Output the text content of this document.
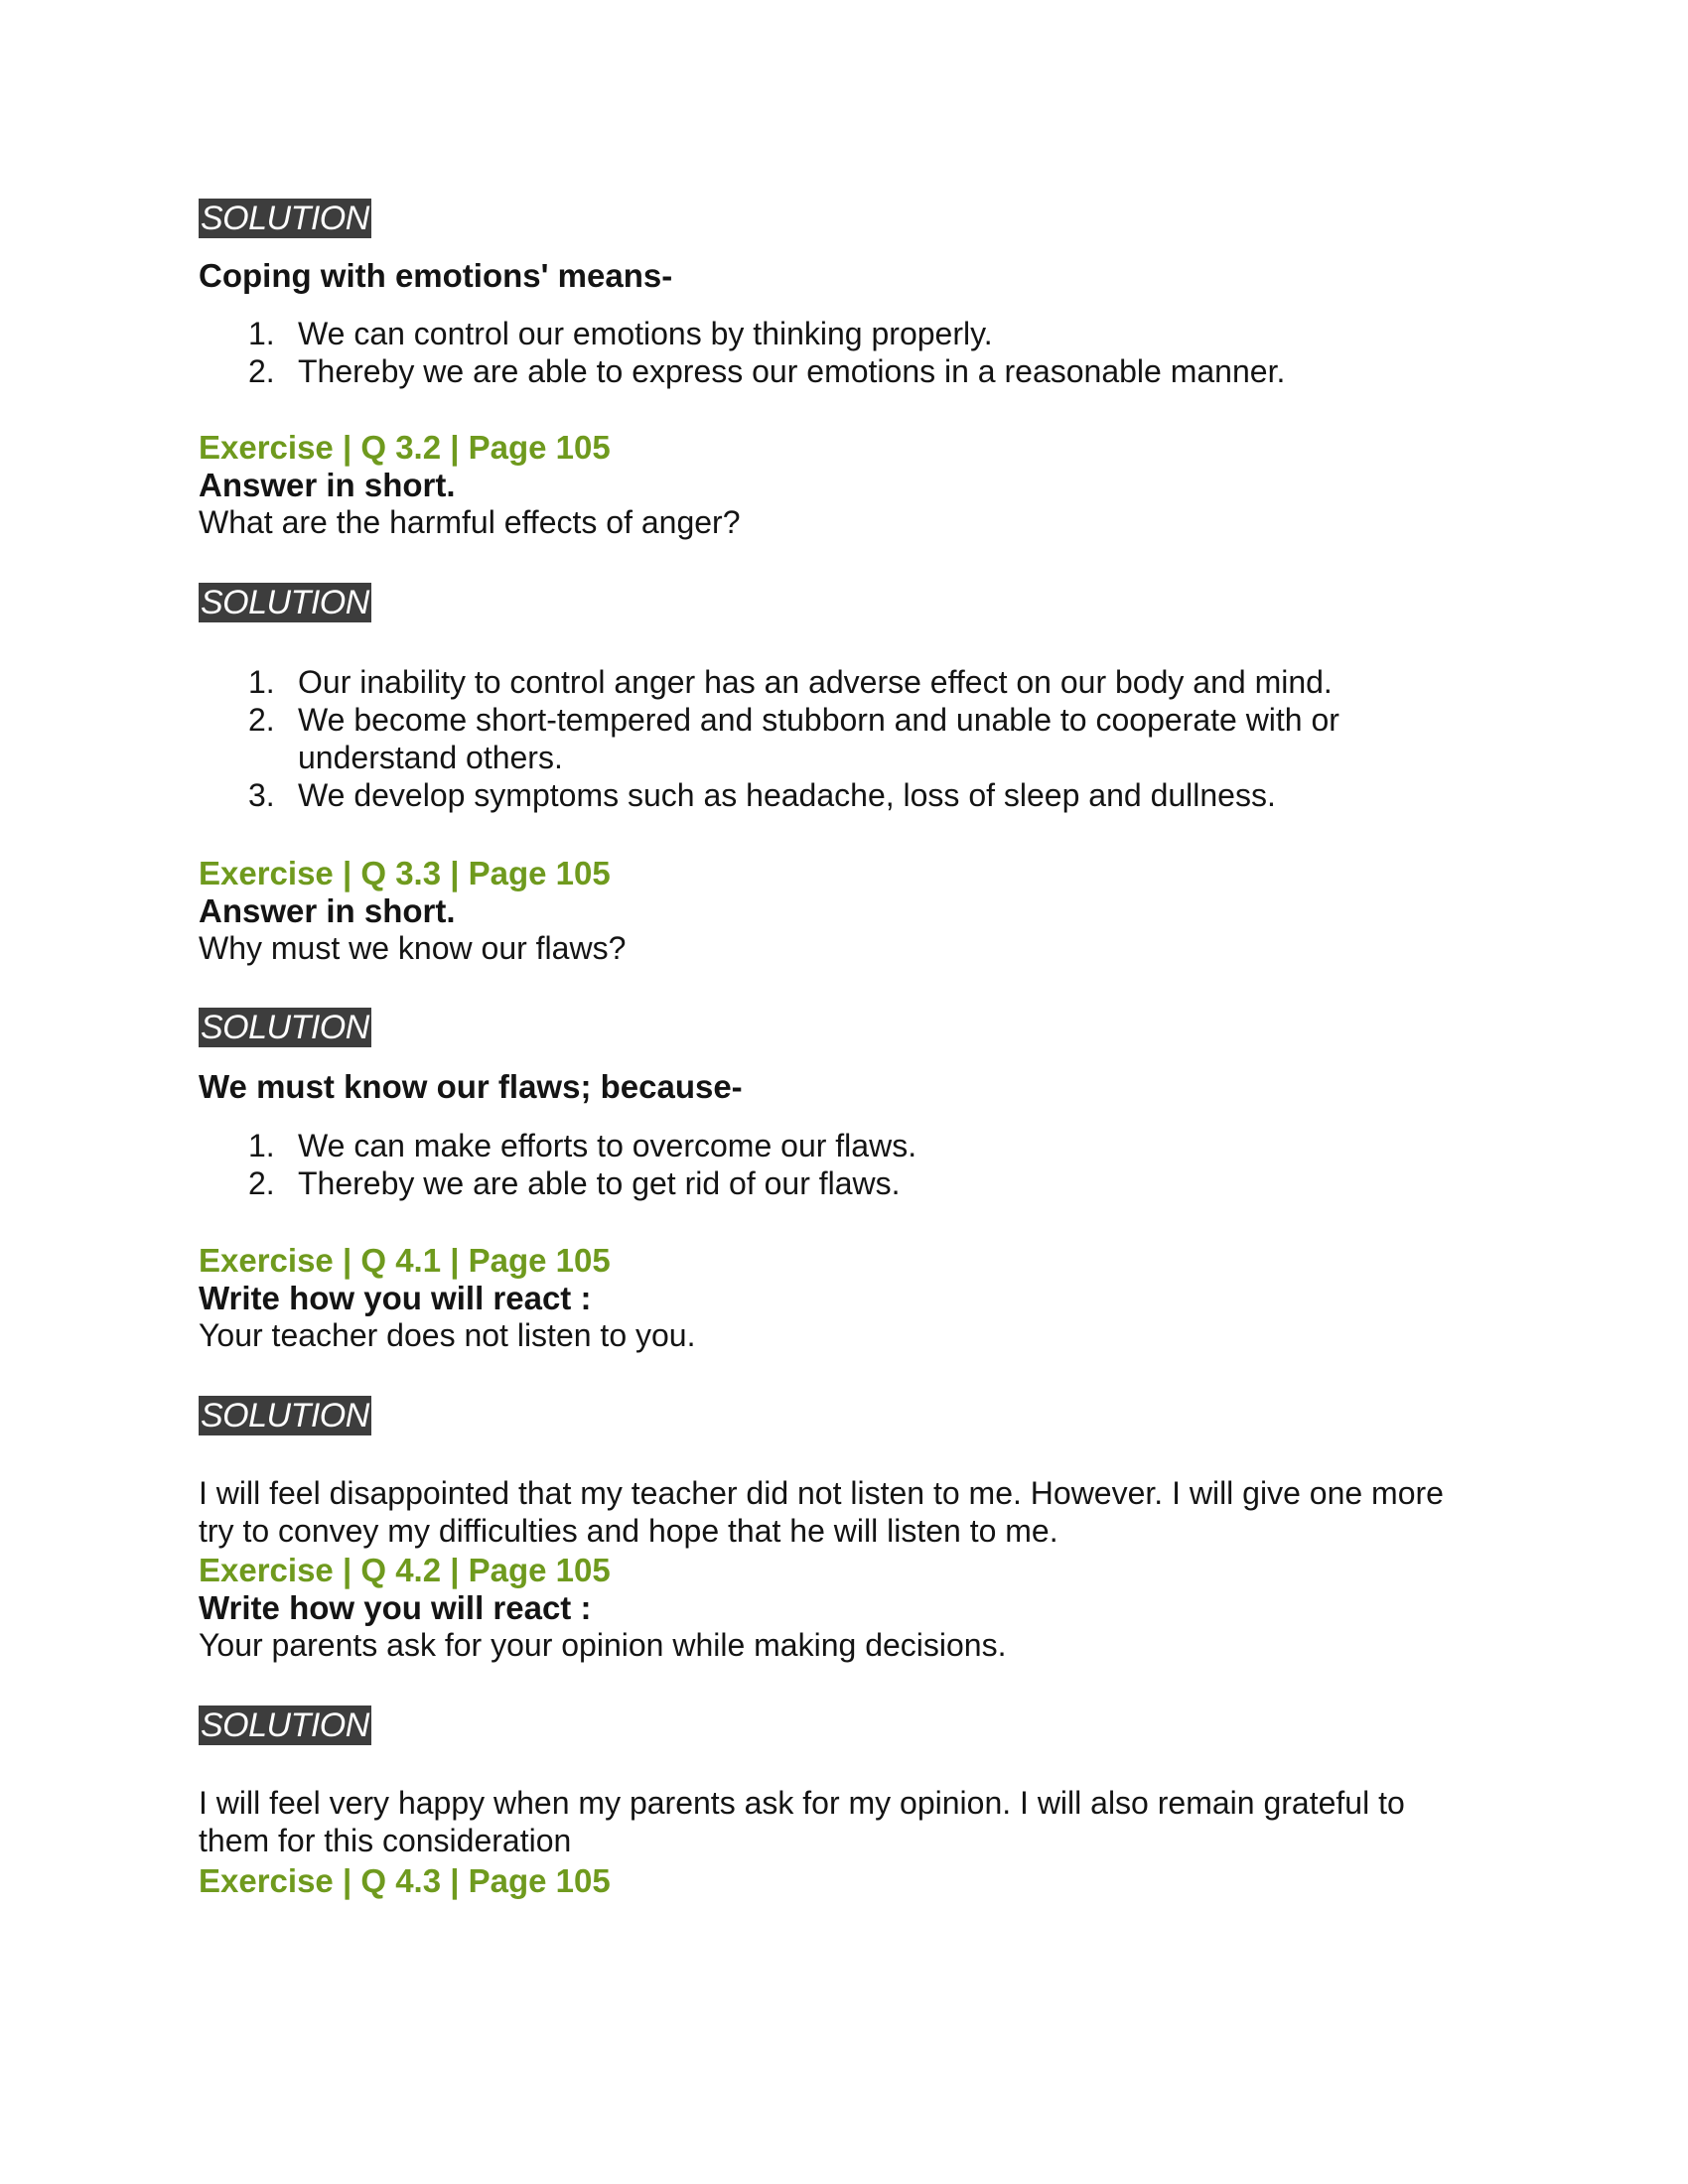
SOLUTION
Coping with emotions' means-
1. We can control our emotions by thinking properly.
2. Thereby we are able to express our emotions in a reasonable manner.
Exercise | Q 3.2 | Page 105
Answer in short.
What are the harmful effects of anger?
SOLUTION
1. Our inability to control anger has an adverse effect on our body and mind.
2. We become short-tempered and stubborn and unable to cooperate with or understand others.
3. We develop symptoms such as headache, loss of sleep and dullness.
Exercise | Q 3.3 | Page 105
Answer in short.
Why must we know our flaws?
SOLUTION
We must know our flaws; because-
1. We can make efforts to overcome our flaws.
2. Thereby we are able to get rid of our flaws.
Exercise | Q 4.1 | Page 105
Write how you will react :
Your teacher does not listen to you.
SOLUTION
I will feel disappointed that my teacher did not listen to me. However. I will give one more try to convey my difficulties and hope that he will listen to me.
Exercise | Q 4.2 | Page 105
Write how you will react :
Your parents ask for your opinion while making decisions.
SOLUTION
I will feel very happy when my parents ask for my opinion. I will also remain grateful to them for this consideration
Exercise | Q 4.3 | Page 105
